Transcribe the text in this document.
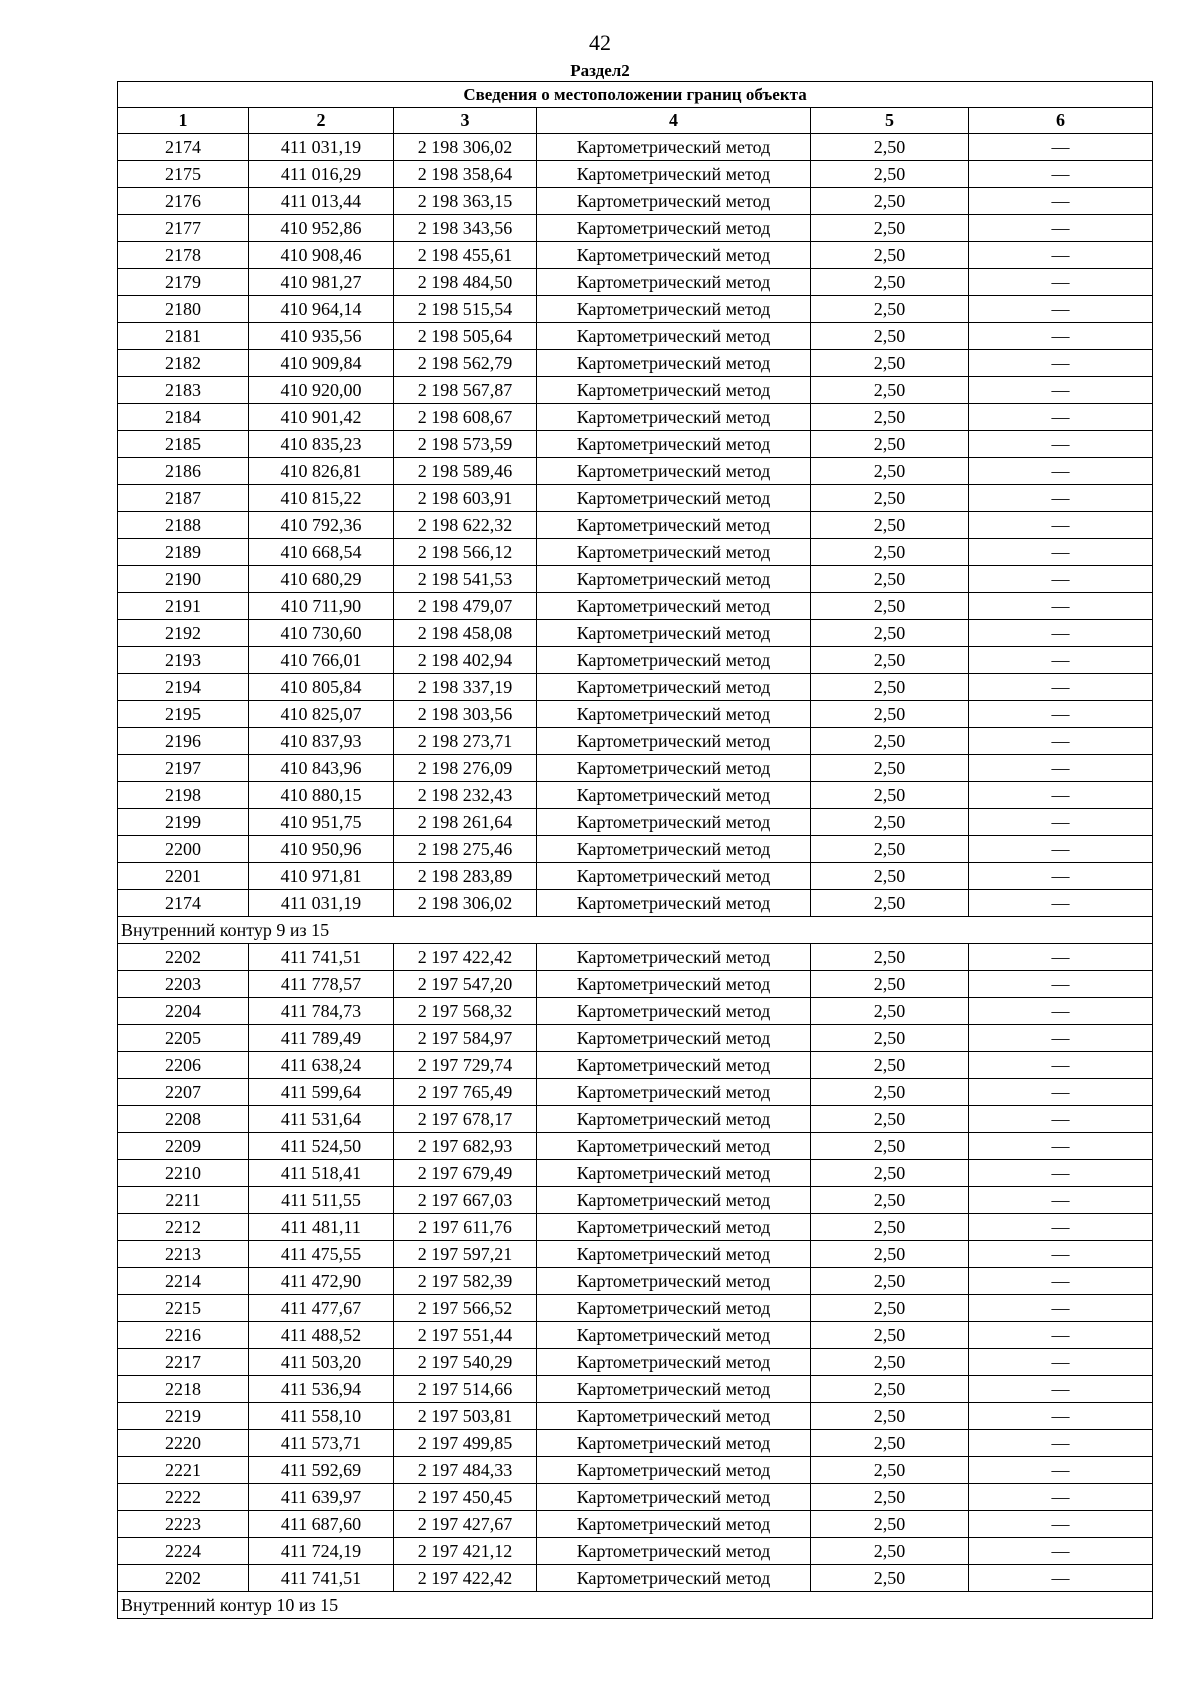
42
Раздел2
Сведения о местоположении границ объекта					
1	2	3	4	5	6
2174	411 031,19	2 198 306,02	Картометрический метод	2,50	—
2175	411 016,29	2 198 358,64	Картометрический метод	2,50	—
2176	411 013,44	2 198 363,15	Картометрический метод	2,50	—
2177	410 952,86	2 198 343,56	Картометрический метод	2,50	—
2178	410 908,46	2 198 455,61	Картометрический метод	2,50	—
2179	410 981,27	2 198 484,50	Картометрический метод	2,50	—
2180	410 964,14	2 198 515,54	Картометрический метод	2,50	—
2181	410 935,56	2 198 505,64	Картометрический метод	2,50	—
2182	410 909,84	2 198 562,79	Картометрический метод	2,50	—
2183	410 920,00	2 198 567,87	Картометрический метод	2,50	—
2184	410 901,42	2 198 608,67	Картометрический метод	2,50	—
2185	410 835,23	2 198 573,59	Картометрический метод	2,50	—
2186	410 826,81	2 198 589,46	Картометрический метод	2,50	—
2187	410 815,22	2 198 603,91	Картометрический метод	2,50	—
2188	410 792,36	2 198 622,32	Картометрический метод	2,50	—
2189	410 668,54	2 198 566,12	Картометрический метод	2,50	—
2190	410 680,29	2 198 541,53	Картометрический метод	2,50	—
2191	410 711,90	2 198 479,07	Картометрический метод	2,50	—
2192	410 730,60	2 198 458,08	Картометрический метод	2,50	—
2193	410 766,01	2 198 402,94	Картометрический метод	2,50	—
2194	410 805,84	2 198 337,19	Картометрический метод	2,50	—
2195	410 825,07	2 198 303,56	Картометрический метод	2,50	—
2196	410 837,93	2 198 273,71	Картометрический метод	2,50	—
2197	410 843,96	2 198 276,09	Картометрический метод	2,50	—
2198	410 880,15	2 198 232,43	Картометрический метод	2,50	—
2199	410 951,75	2 198 261,64	Картометрический метод	2,50	—
2200	410 950,96	2 198 275,46	Картометрический метод	2,50	—
2201	410 971,81	2 198 283,89	Картометрический метод	2,50	—
2174	411 031,19	2 198 306,02	Картометрический метод	2,50	—
Внутренний контур 9 из 15					
2202	411 741,51	2 197 422,42	Картометрический метод	2,50	—
2203	411 778,57	2 197 547,20	Картометрический метод	2,50	—
2204	411 784,73	2 197 568,32	Картометрический метод	2,50	—
2205	411 789,49	2 197 584,97	Картометрический метод	2,50	—
2206	411 638,24	2 197 729,74	Картометрический метод	2,50	—
2207	411 599,64	2 197 765,49	Картометрический метод	2,50	—
2208	411 531,64	2 197 678,17	Картометрический метод	2,50	—
2209	411 524,50	2 197 682,93	Картометрический метод	2,50	—
2210	411 518,41	2 197 679,49	Картометрический метод	2,50	—
2211	411 511,55	2 197 667,03	Картометрический метод	2,50	—
2212	411 481,11	2 197 611,76	Картометрический метод	2,50	—
2213	411 475,55	2 197 597,21	Картометрический метод	2,50	—
2214	411 472,90	2 197 582,39	Картометрический метод	2,50	—
2215	411 477,67	2 197 566,52	Картометрический метод	2,50	—
2216	411 488,52	2 197 551,44	Картометрический метод	2,50	—
2217	411 503,20	2 197 540,29	Картометрический метод	2,50	—
2218	411 536,94	2 197 514,66	Картометрический метод	2,50	—
2219	411 558,10	2 197 503,81	Картометрический метод	2,50	—
2220	411 573,71	2 197 499,85	Картометрический метод	2,50	—
2221	411 592,69	2 197 484,33	Картометрический метод	2,50	—
2222	411 639,97	2 197 450,45	Картометрический метод	2,50	—
2223	411 687,60	2 197 427,67	Картометрический метод	2,50	—
2224	411 724,19	2 197 421,12	Картометрический метод	2,50	—
2202	411 741,51	2 197 422,42	Картометрический метод	2,50	—
Внутренний контур 10 из 15					
